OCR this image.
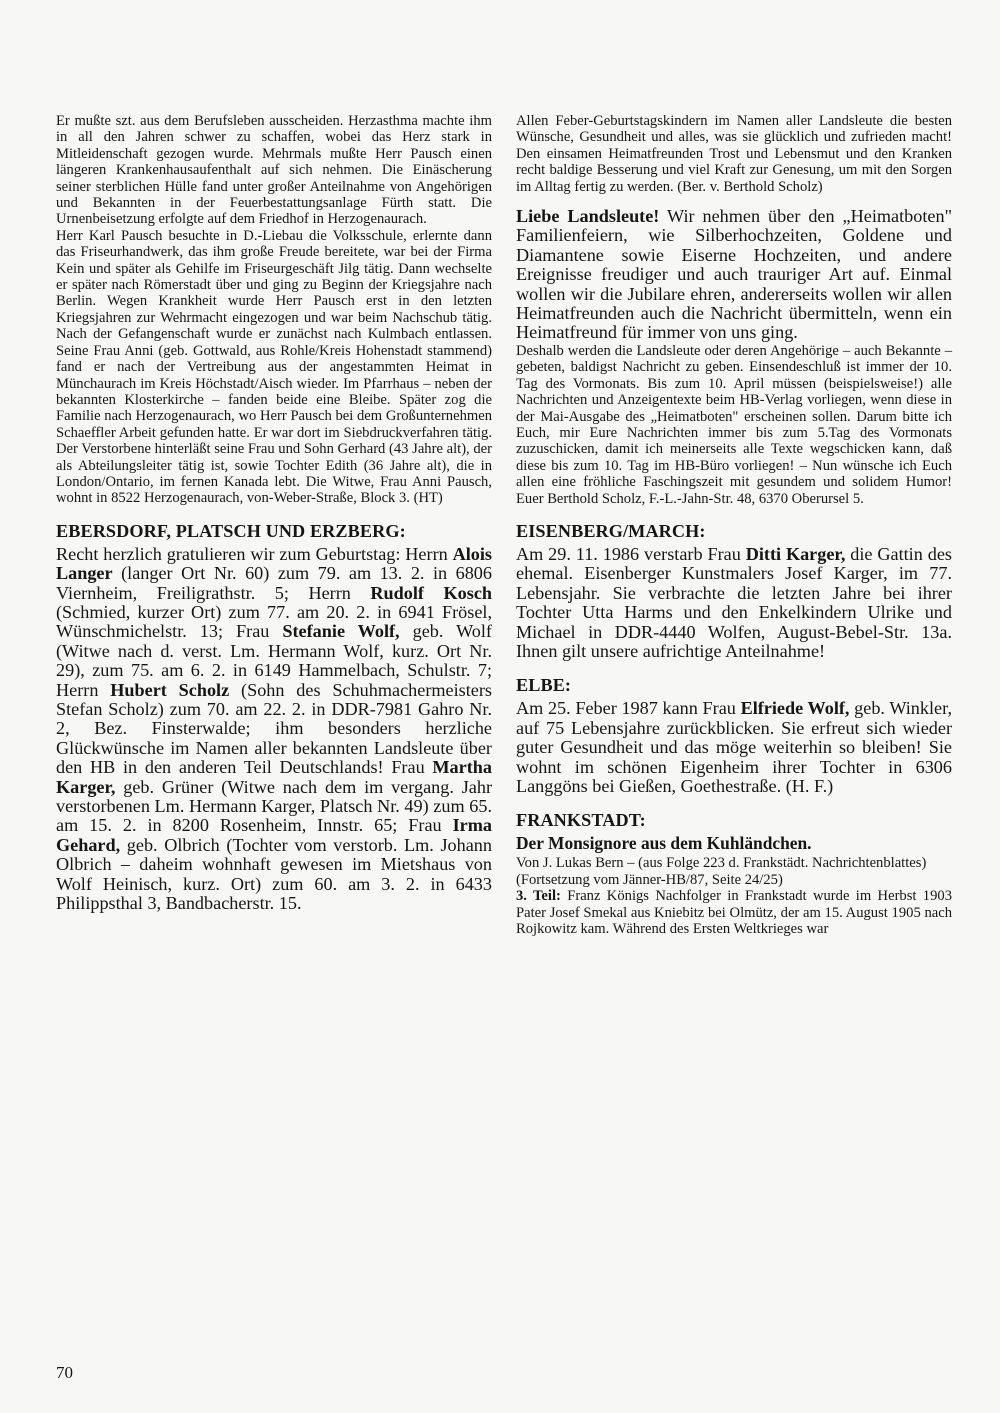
Er mußte szt. aus dem Berufsleben ausscheiden. Herzasthma machte ihm in all den Jahren schwer zu schaffen, wobei das Herz stark in Mitleidenschaft gezogen wurde. Mehrmals mußte Herr Pausch einen längeren Krankenhausaufenthalt auf sich nehmen. Die Einäscherung seiner sterblichen Hülle fand unter großer Anteilnahme von Angehörigen und Bekannten in der Feuerbestattungsanlage Fürth statt. Die Urnenbeisetzung erfolgte auf dem Friedhof in Herzogenaurach.

Herr Karl Pausch besuchte in D.-Liebau die Volksschule, erlernte dann das Friseurhandwerk, das ihm große Freude bereitete, war bei der Firma Kein und später als Gehilfe im Friseurgeschäft Jilg tätig. Dann wechselte er später nach Römerstadt über und ging zu Beginn der Kriegsjahre nach Berlin. Wegen Krankheit wurde Herr Pausch erst in den letzten Kriegsjahren zur Wehrmacht eingezogen und war beim Nachschub tätig. Nach der Gefangenschaft wurde er zunächst nach Kulmbach entlassen. Seine Frau Anni (geb. Gottwald, aus Rohle/Kreis Hohenstadt stammend) fand er nach der Vertreibung aus der angestammten Heimat in Münchaurach im Kreis Höchstadt/Aisch wieder. Im Pfarrhaus – neben der bekannten Klosterkirche – fanden beide eine Bleibe. Später zog die Familie nach Herzogenaurach, wo Herr Pausch bei dem Großunternehmen Schaeffler Arbeit gefunden hatte. Er war dort im Siebdruckverfahren tätig. Der Verstorbene hinterläßt seine Frau und Sohn Gerhard (43 Jahre alt), der als Abteilungsleiter tätig ist, sowie Tochter Edith (36 Jahre alt), die in London/Ontario, im fernen Kanada lebt. Die Witwe, Frau Anni Pausch, wohnt in 8522 Herzogenaurach, von-Weber-Straße, Block 3. (HT)

EBERSDORF, PLATSCH UND ERZBERG:

Recht herzlich gratulieren wir zum Geburtstag: Herrn Alois Langer (langer Ort Nr. 60) zum 79. am 13. 2. in 6806 Viernheim, Freiligrathstr. 5; Herrn Rudolf Kosch (Schmied, kurzer Ort) zum 77. am 20. 2. in 6941 Frösel, Wünschmichelstr. 13; Frau Stefanie Wolf, geb. Wolf (Witwe nach d. verst. Lm. Hermann Wolf, kurz. Ort Nr. 29), zum 75. am 6. 2. in 6149 Hammelbach, Schulstr. 7; Herrn Hubert Scholz (Sohn des Schuhmachermeisters Stefan Scholz) zum 70. am 22. 2. in DDR-7981 Gahro Nr. 2, Bez. Finsterwalde; ihm besonders herzliche Glückwünsche im Namen aller bekannten Landsleute über den HB in den anderen Teil Deutschlands! Frau Martha Karger, geb. Grüner (Witwe nach dem im vergang. Jahr verstorbenen Lm. Hermann Karger, Platsch Nr. 49) zum 65. am 15. 2. in 8200 Rosenheim, Innstr. 65; Frau Irma Gehard, geb. Olbrich (Tochter vom verstorb. Lm. Johann Olbrich – daheim wohnhaft gewesen im Mietshaus von Wolf Heinisch, kurz. Ort) zum 60. am 3. 2. in 6433 Philippsthal 3, Bandbacherstr. 15.

Allen Feber-Geburtstagskindern im Namen aller Landsleute die besten Wünsche, Gesundheit und alles, was sie glücklich und zufrieden macht! Den einsamen Heimatfreunden Trost und Lebensmut und den Kranken recht baldige Besserung und viel Kraft zur Genesung, um mit den Sorgen im Alltag fertig zu werden. (Ber. v. Berthold Scholz)

Liebe Landsleute! Wir nehmen über den „Heimatboten" Familienfeiern, wie Silberhochzeiten, Goldene und Diamantene sowie Eiserne Hochzeiten, und andere Ereignisse freudiger und auch trauriger Art auf. Einmal wollen wir die Jubilare ehren, andererseits wollen wir allen Heimatfreunden auch die Nachricht übermitteln, wenn ein Heimatfreund für immer von uns ging.

Deshalb werden die Landsleute oder deren Angehörige – auch Bekannte – gebeten, baldigst Nachricht zu geben. Einsendeschluß ist immer der 10. Tag des Vormonats. Bis zum 10. April müssen (beispielsweise!) alle Nachrichten und Anzeigentexte beim HB-Verlag vorliegen, wenn diese in der Mai-Ausgabe des „Heimatboten" erscheinen sollen. Darum bitte ich Euch, mir Eure Nachrichten immer bis zum 5.Tag des Vormonats zuzuschicken, damit ich meinerseits alle Texte wegschicken kann, daß diese bis zum 10. Tag im HB-Büro vorliegen! – Nun wünsche ich Euch allen eine fröhliche Faschingszeit mit gesundem und solidem Humor! Euer Berthold Scholz, F.-L.-Jahn-Str. 48, 6370 Oberursel 5.

EISENBERG/MARCH:

Am 29. 11. 1986 verstarb Frau Ditti Karger, die Gattin des ehemal. Eisenberger Kunstmalers Josef Karger, im 77. Lebensjahr. Sie verbrachte die letzten Jahre bei ihrer Tochter Utta Harms und den Enkelkindern Ulrike und Michael in DDR-4440 Wolfen, August-Bebel-Str. 13a. Ihnen gilt unsere aufrichtige Anteilnahme!

ELBE:

Am 25. Feber 1987 kann Frau Elfriede Wolf, geb. Winkler, auf 75 Lebensjahre zurückblicken. Sie erfreut sich wieder guter Gesundheit und das möge weiterhin so bleiben! Sie wohnt im schönen Eigenheim ihrer Tochter in 6306 Langgöns bei Gießen, Goethestraße. (H. F.)

FRANKSTADT:
Der Monsignore aus dem Kuhländchen.

Von J. Lukas Bern – (aus Folge 223 d. Frankstädt. Nachrichtenblattes)

(Fortsetzung vom Jänner-HB/87, Seite 24/25)

3. Teil: Franz Königs Nachfolger in Frankstadt wurde im Herbst 1903 Pater Josef Smekal aus Kniebitz bei Olmütz, der am 15. August 1905 nach Rojkowitz kam. Während des Ersten Weltkrieges war

70
